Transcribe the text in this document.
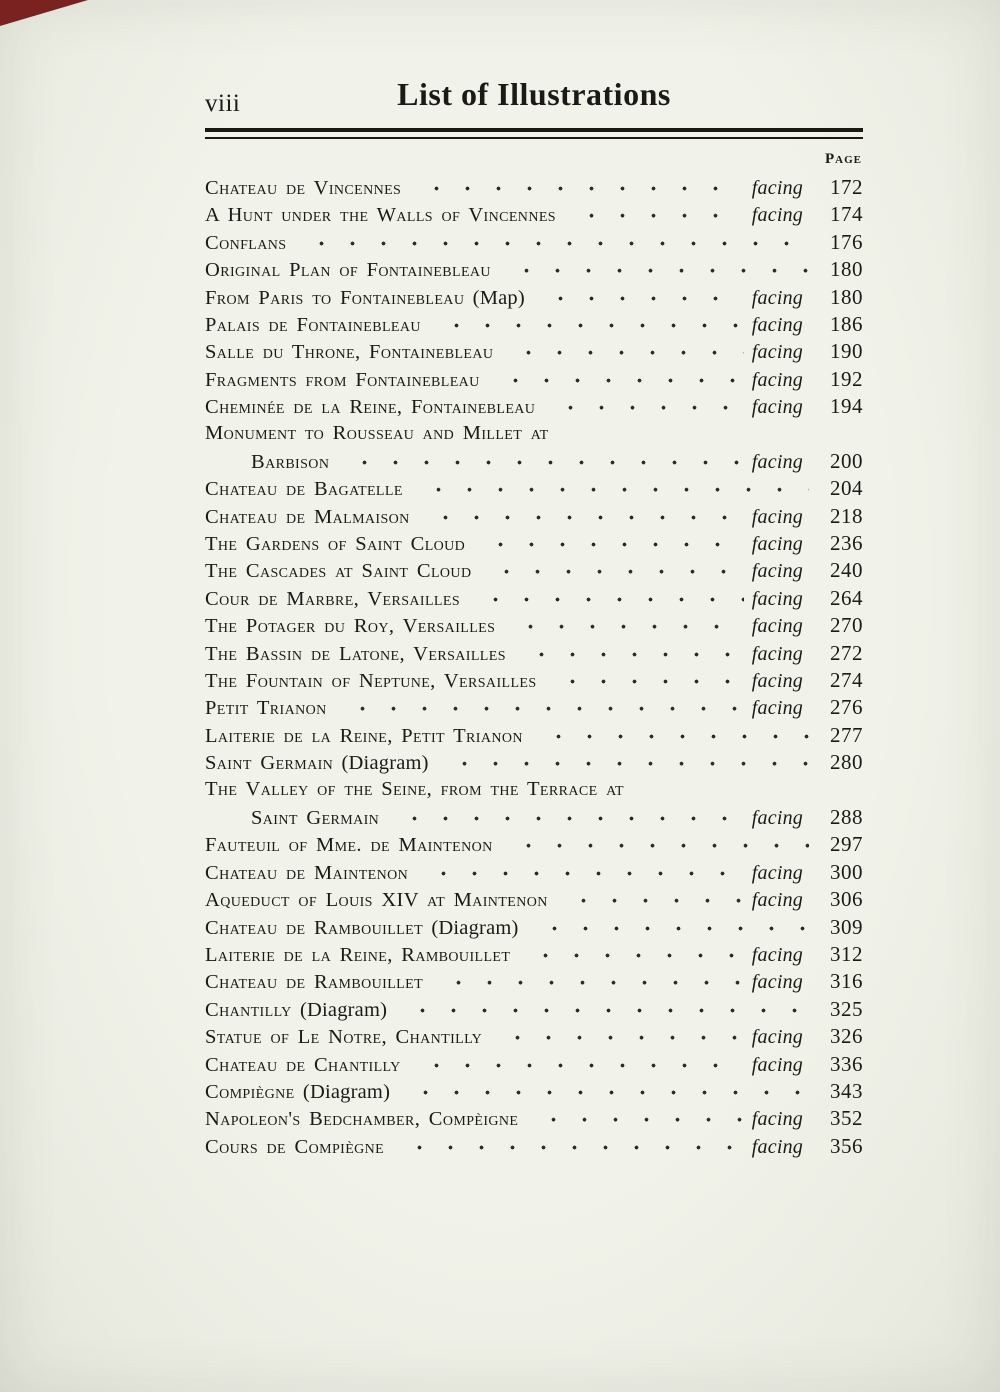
viii	List of Illustrations
Page
Chateau de Vincennes	facing	172
A Hunt under the Walls of Vincennes	facing	174
Conflans	176
Original Plan of Fontainebleau	180
From Paris to Fontainebleau (Map)	facing	180
Palais de Fontainebleau	facing	186
Salle du Throne, Fontainebleau	facing	190
Fragments from Fontainebleau	facing	192
Cheminée de la Reine, Fontainebleau	facing	194
Monument to Rousseau and Millet at
Barbison	facing	200
Chateau de Bagatelle	204
Chateau de Malmaison	facing	218
The Gardens of Saint Cloud	facing	236
The Cascades at Saint Cloud	facing	240
Cour de Marbre, Versailles	facing	264
The Potager du Roy, Versailles	facing	270
The Bassin de Latone, Versailles	facing	272
The Fountain of Neptune, Versailles	facing	274
Petit Trianon	facing	276
Laiterie de la Reine, Petit Trianon	277
Saint Germain (Diagram)	280
The Valley of the Seine, from the Terrace at
Saint Germain	facing	288
Fauteuil of Mme. de Maintenon	297
Chateau de Maintenon	facing	300
Aqueduct of Louis XIV at Maintenon	facing	306
Chateau de Rambouillet (Diagram)	309
Laiterie de la Reine, Rambouillet	facing	312
Chateau de Rambouillet	facing	316
Chantilly (Diagram)	325
Statue of Le Notre, Chantilly	facing	326
Chateau de Chantilly	facing	336
Compiègne (Diagram)	343
Napoleon's Bedchamber, Compèigne	facing	352
Cours de Compiègne	facing	356
